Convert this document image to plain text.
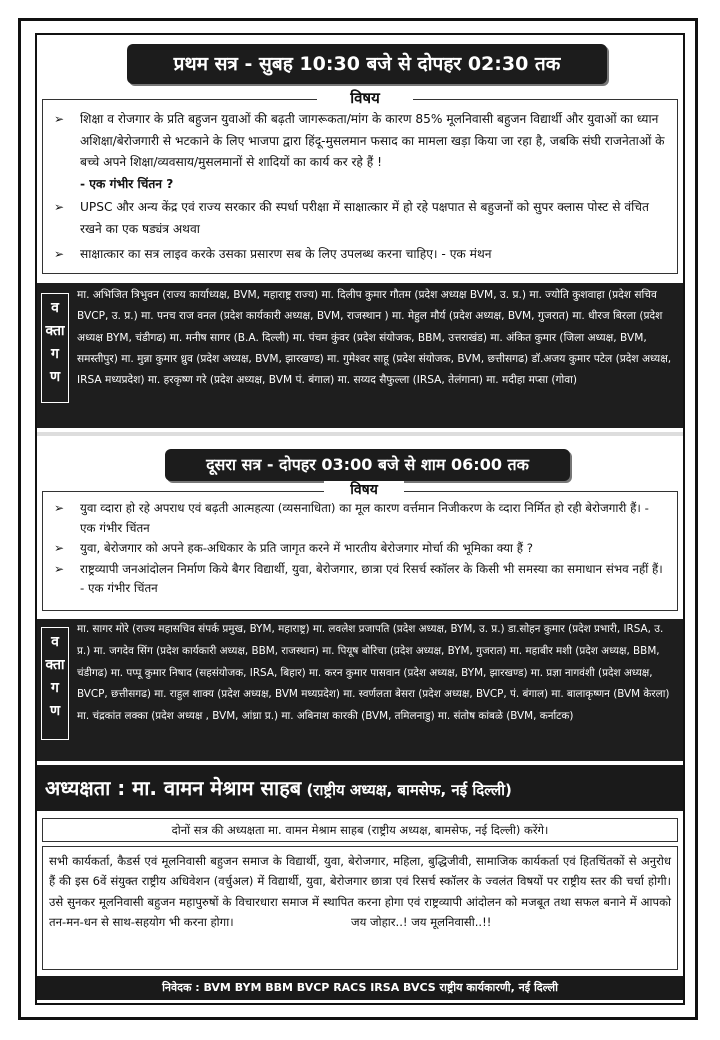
प्रथम सत्र - सुबह 10:30 बजे से दोपहर 02:30 तक
विषय
➢ शिक्षा व रोजगार के प्रति बहुजन युवाओं की बढ़ती जागरूकता/मांग के कारण 85% मूलनिवासी बहुजन विद्यार्थी और युवाओं का ध्यान अशिक्षा/बेरोजगारी से भटकाने के लिए भाजपा द्वारा हिंदू-मुसलमान फसाद का मामला खड़ा किया जा रहा है, जबकि संघी राजनेताओं के बच्चे अपने शिक्षा/व्यवसाय/मुसलमानों से शादियों का कार्य कर रहे हैं !
- एक गंभीर चिंतन ?
➢ UPSC और अन्य केंद्र एवं राज्य सरकार की स्पर्धा परीक्षा में साक्षात्कार में हो रहे पक्षपात से बहुजनों को सुपर क्लास पोस्ट से वंचित रखने का एक षड्यंत्र अथवा
➢ साक्षात्कार का सत्र लाइव करके उसका प्रसारण सब के लिए उपलब्ध करना चाहिए। - एक मंथन
व
क्ता
ग
ण
मा. अभिजित त्रिभुवन (राज्य कार्याध्यक्ष, BVM, महाराष्ट्र राज्य) मा. दिलीप कुमार गौतम (प्रदेश अध्यक्ष BVM, उ. प्र.) मा. ज्योति कुशवाहा (प्रदेश सचिव BVCP, उ. प्र.) मा. पनच राज वनल (प्रदेश कार्यकारी अध्यक्ष, BVM, राजस्थान ) मा. मेहुल मौर्य (प्रदेश अध्यक्ष, BVM, गुजरात) मा. धीरज बिरला (प्रदेश अध्यक्ष BYM, चंडीगढ) मा. मनीष सागर (B.A. दिल्ली) मा. पंचम कुंवर (प्रदेश संयोजक, BBM, उत्तराखंड) मा. अंकित कुमार (जिला अध्यक्ष, BVM, समस्तीपुर) मा. मुन्ना कुमार ध्रुव (प्रदेश अध्यक्ष, BVM, झारखण्ड) मा. गुमेश्वर साहू (प्रदेश संयोजक, BVM, छत्तीसगढ) डॉ.अजय कुमार पटेल (प्रदेश अध्यक्ष, IRSA मध्यप्रदेश) मा. हरकृष्ण गरे (प्रदेश अध्यक्ष, BVM पं. बंगाल) मा. सय्यद सैफुल्ला (IRSA, तेलंगाना) मा. मदीहा मप्सा (गोवा)
दूसरा सत्र - दोपहर 03:00 बजे से शाम 06:00 तक
विषय
➢ युवा व्दारा हो रहे अपराध एवं बढ़ती आत्महत्या (व्यसनाधिता) का मूल कारण वर्त्तमान निजीकरण के व्दारा निर्मित हो रही बेरोजगारी हैं। - एक गंभीर चिंतन
➢ युवा, बेरोजगार को अपने हक-अधिकार के प्रति जागृत करने में भारतीय बेरोजगार मोर्चा की भूमिका क्या हैं ?
➢ राष्ट्रव्यापी जनआंदोलन निर्माण किये बैगर विद्यार्थी, युवा, बेरोजगार, छात्रा एवं रिसर्च स्कॉलर के किसी भी समस्या का समाधान संभव नहीं हैं। - एक गंभीर चिंतन
व
क्ता
ग
ण
मा. सागर मोरे (राज्य महासचिव संपर्क प्रमुख, BYM, महाराष्ट्र) मा. लवलेश प्रजापति (प्रदेश अध्यक्ष, BYM, उ. प्र.) डा.सोहन कुमार (प्रदेश प्रभारी, IRSA, उ. प्र.) मा. जगदेव सिंग (प्रदेश कार्यकारी अध्यक्ष, BBM, राजस्थान) मा. पियूष बोरिचा (प्रदेश अध्यक्ष, BYM, गुजरात) मा. महाबीर मशी (प्रदेश अध्यक्ष, BBM, चंडीगढ) मा. पप्पू कुमार निषाद (सहसंयोजक, IRSA, बिहार) मा. करन कुमार पासवान (प्रदेश अध्यक्ष, BYM, झारखण्ड) मा. प्रज्ञा नागवंशी (प्रदेश अध्यक्ष, BVCP, छत्तीसगढ) मा. राहुल शाक्य (प्रदेश अध्यक्ष, BVM मध्यप्रदेश) मा. स्वर्णलता बेसरा (प्रदेश अध्यक्ष, BVCP, पं. बंगाल) मा. बालाकृष्णन (BVM केरला) मा. चंद्रकांत लक्का (प्रदेश अध्यक्ष , BVM, आंध्रा प्र.) मा. अबिनाश कारकी (BVM, तमिलनाडु) मा. संतोष कांबळे (BVM, कर्नाटक)
अध्यक्षता : मा. वामन मेश्राम साहब (राष्ट्रीय अध्यक्ष, बामसेफ, नई दिल्ली)
दोनों सत्र की अध्यक्षता मा. वामन मेश्राम साहब (राष्ट्रीय अध्यक्ष, बामसेफ, नई दिल्ली) करेंगे।
सभी कार्यकर्ता, कैडर्स एवं मूलनिवासी बहुजन समाज के विद्यार्थी, युवा, बेरोजगार, महिला, बुद्धिजीवी, सामाजिक कार्यकर्ता एवं हितचिंतकों से अनुरोध हैं की इस 6वें संयुक्त राष्ट्रीय अधिवेशन (वर्चुअल) में विद्यार्थी, युवा, बेरोजगार छात्रा एवं रिसर्च स्कॉलर के ज्वलंत विषयों पर राष्ट्रीय स्तर की चर्चा होगी। उसे सुनकर मूलनिवासी बहुजन महापुरुषों के विचारधारा समाज में स्थापित करना होगा एवं राष्ट्रव्यापी आंदोलन को मजबूत तथा सफल बनाने में आपको तन-मन-धन से साथ-सहयोग भी करना होगा।	जय जोहार..! जय मूलनिवासी..!!
निवेदक : BVM BYM BBM BVCP RACS IRSA BVCS राष्ट्रीय कार्यकारणी, नई दिल्ली
